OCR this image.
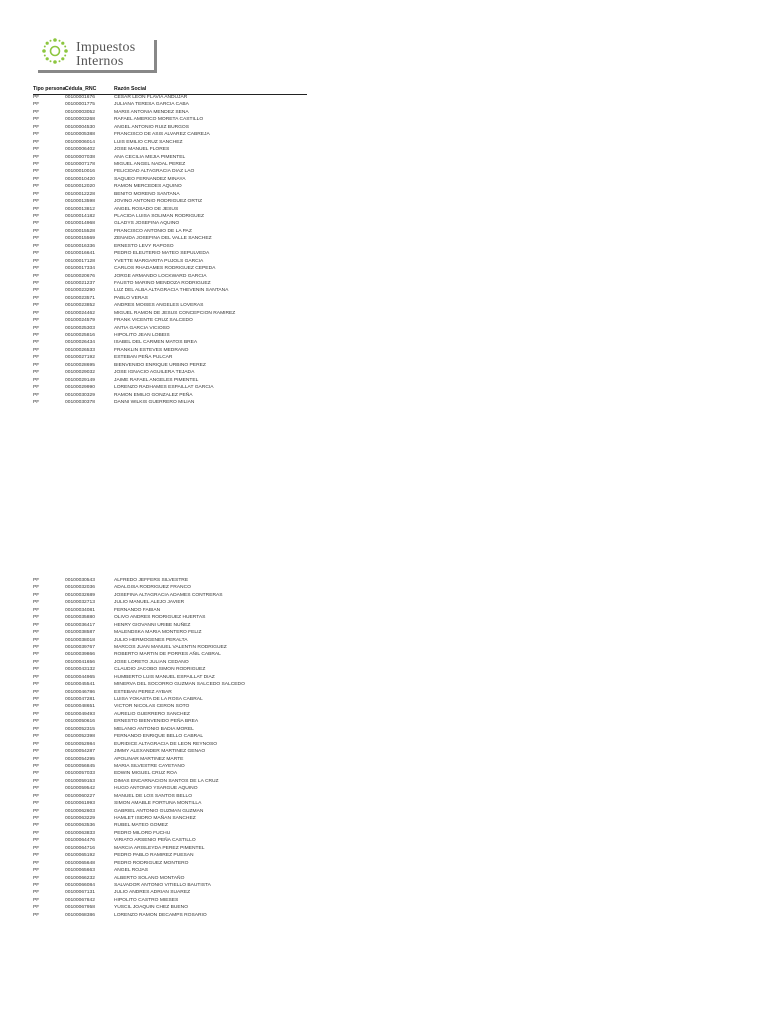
Impuestos
Internos
Tipo persona Cédula_RNC	Razón Social
PF	00100001676	CESAR LEON FLAVIA ANDUJAR
PF	00100001775	JULIANA TERESA GARCIA CABA
PF	00100003052	MARIS ANTONIA MENDEZ SENA
PF	00100003268	RAFAEL AMERICO MORETA CASTILLO
PF	00100004530	ANGEL ANTONIO RUIZ BURGOS
PF	00100005388	FRANCISCO DE ASIS ALVAREZ CABREJA
PF	00100006014	LUIS EMILIO CRUZ SANCHEZ
PF	00100006402	JOSE MANUEL FLORES
PF	00100007038	ANA CECILIA MEJIA PIMENTEL
PF	00100007178	MIGUEL ANGEL NADAL PEREZ
PF	00100010016	FELICIDAD ALTAGRACIA DIAZ LAO
PF	00100010420	SAQUEO FERNANDEZ MINAYA
PF	00100012020	RAMON MERCEDES AQUINO
PF	00100012228	BENITO MORENO SANTANA
PF	00100013598	JOVINO ANTONIO RODRIGUEZ ORTIZ
PF	00100013812	ANGEL ROSADO DE JESUS
PF	00100014182	PLACIDA LUISA SOLIMAN RODRIGUEZ
PF	00100014968	GLADYS JOSEFINA AQUINO
PF	00100015528	FRANCISCO ANTONIO DE LA PAZ
PF	00100015569	ZENAIDA JOSEFINA DEL VALLE SANCHEZ
PF	00100016336	ERNESTO LEVY RAPOSO
PF	00100016641	PEDRO ELEUTERIO MATEO SEPULVEDA
PF	00100017128	YVETTE MARGARITA PUJOLS GARCIA
PF	00100017334	CARLOS RHADAMES RODRIGUEZ CEPEDA
PF	00100020676	JORGE ARMANDO LOCKWARD GARCIA
PF	00100021237	FAUSTO MARINO MENDOZA RODRIGUEZ
PF	00100023290	LUZ DEL ALBA ALTAGRACIA THEVENIN SANTANA
PF	00100023571	PABLO VERAS
PF	00100023852	ANDRES MOISES ANGELES LOVERAS
PF	00100024462	MIGUEL RAMON DE JESUS CONCEPCION RAMIREZ
PF	00100024579	FRANK VICENTE CRUZ SALCEDO
PF	00100025303	ANTIA GARCIA VICIOSO
PF	00100025816	HIPOLITO JEAN LOBEIS
PF	00100026434	ISABEL DEL CARMEN MATOS BREA
PF	00100026533	FRANKLIN ESTEVES MEDRANO
PF	00100027192	ESTEBAN PEÑA PULCAR
PF	00100028695	BIENVENIDO ENRIQUE URBINO PEREZ
PF	00100029032	JOSE IGNACIO AGUILERA TEJADA
PF	00100029149	JAIME RAFAEL ANGELES PIMENTEL
PF	00100029990	LORENZO RADHAMES ESPAILLAT GARCIA
PF	00100030329	RAMON EMILIO GONZALEZ PEÑA
PF	00100030378	DANNI WILKIS GUERRERO MILIAN
PF	00100030543	ALFREDO JEFFERS SILVESTRE
PF	00100032036	ADALGISA RODRIGUEZ FRANCO
PF	00100032689	JOSEFINA ALTAGRACIA ADAMES CONTRERAS
PF	00100032713	JULIO MANUEL ALEJO JAVIER
PF	00100034081	FERNANDO FABIAN
PF	00100035880	OLIVO ANDRES RODRIGUEZ HUERTAS
PF	00100036417	HENRY GIOVANNI URIBE NUÑEZ
PF	00100038587	MALENDSKA MARIA MONTERO FELIZ
PF	00100038018	JULIO HERMOGENES PERALTA
PF	00100039767	MARCOS JUAN MANUEL VALENTIN RODRIGUEZ
PF	00100039866	ROBERTO MARTIN DE PORRES AÑIL CABRAL
PF	00100041656	JOSE LORETO JULIAN CEDANO
PF	00100043132	CLAUDIO JACOBO SIMON RODRIGUEZ
PF	00100044965	HUMBERTO LUIS MANUEL ESPAILLAT DIAZ
PF	00100045541	MINERVA DEL SOCORRO GUZMAN SALCEDO SALCEDO
PF	00100046786	ESTEBAN PEREZ AYBAR
PF	00100047281	LUISA YOKASTA DE LA ROSA CABRAL
PF	00100048651	VICTOR NICOLAS CERON SOTO
PF	00100049493	AURELIO GUERRERO SANCHEZ
PF	00100050616	ERNESTO BIENVENIDO PEÑA BREA
PF	00100052315	MELANIO ANTONIO BADIA MOREL
PF	00100052398	FERNANDO ENRIQUE BELLO CABRAL
PF	00100052984	EURIDICE ALTAGRACIA DE LEON REYNOSO
PF	00100054287	JIMMY ALEXANDER MARTINEZ GENAO
PF	00100054295	APOLINAR MARTINEZ MARTE
PF	00100056845	MARIA SILVESTRE CAYETANO
PF	00100057033	EDWIN MIGUEL CRUZ ROA
PF	00100059153	DIMAS ENCARNACION SANTOS DE LA CRUZ
PF	00100059542	HUGO ANTONIO YSARGUE AQUINO
PF	00100060227	MANUEL DE LOS SANTOS BELLO
PF	00100061993	SIMON AMABLE FORTUNA MONTILLA
PF	00100062603	GABRIEL ANTONIO GUZMAN GUZMAN
PF	00100063229	HAMLET ISIDRO MAÑAN SANCHEZ
PF	00100063536	RUBEL MATEO GOMEZ
PF	00100063833	PEDRO MILORD FUCHU
PF	00100064476	VIRIATO ARSENIO PEÑA CASTILLO
PF	00100064716	MARCIA ARISLEYDA PEREZ PIMENTEL
PF	00100065192	PEDRO PABLO RAMIREZ PUESAN
PF	00100065648	PEDRO RODRIGUEZ MONTERO
PF	00100065663	ANGEL ROJAS
PF	00100066232	ALBERTO SOLANO MONTAÑO
PF	00100066084	SALVADOR ANTONIO VITIELLO BAUTISTA
PF	00100067131	JULIO ANDRES ADRIAN SUAREZ
PF	00100067842	HIPOLITO CASTRO MIESES
PF	00100067958	YUSCIL JOAQUIN CHEZ BUENO
PF	00100068386	LORENZO RAMON DECAMPS ROSARIO
